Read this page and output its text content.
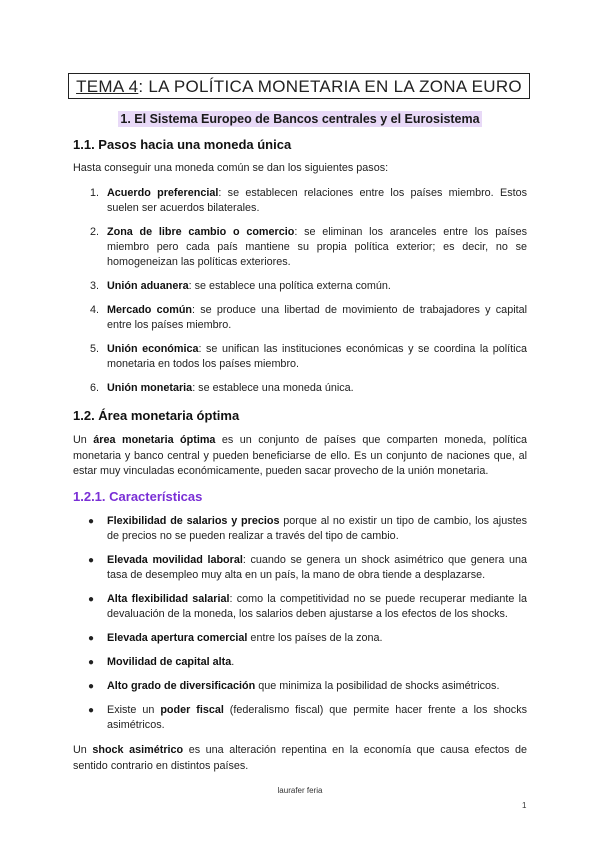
TEMA 4: LA POLÍTICA MONETARIA EN LA ZONA EURO
1. El Sistema Europeo de Bancos centrales y el Eurosistema
1.1. Pasos hacia una moneda única
Hasta conseguir una moneda común se dan los siguientes pasos:
1. Acuerdo preferencial: se establecen relaciones entre los países miembro. Estos suelen ser acuerdos bilaterales.
2. Zona de libre cambio o comercio: se eliminan los aranceles entre los países miembro pero cada país mantiene su propia política exterior; es decir, no se homogeneizan las políticas exteriores.
3. Unión aduanera: se establece una política externa común.
4. Mercado común: se produce una libertad de movimiento de trabajadores y capital entre los países miembro.
5. Unión económica: se unifican las instituciones económicas y se coordina la política monetaria en todos los países miembro.
6. Unión monetaria: se establece una moneda única.
1.2. Área monetaria óptima
Un área monetaria óptima es un conjunto de países que comparten moneda, política monetaria y banco central y pueden beneficiarse de ello. Es un conjunto de naciones que, al estar muy vinculadas económicamente, pueden sacar provecho de la unión monetaria.
1.2.1. Características
● Flexibilidad de salarios y precios porque al no existir un tipo de cambio, los ajustes de precios no se pueden realizar a través del tipo de cambio.
● Elevada movilidad laboral: cuando se genera un shock asimétrico que genera una tasa de desempleo muy alta en un país, la mano de obra tiende a desplazarse.
● Alta flexibilidad salarial: como la competitividad no se puede recuperar mediante la devaluación de la moneda, los salarios deben ajustarse a los efectos de los shocks.
● Elevada apertura comercial entre los países de la zona.
● Movilidad de capital alta.
● Alto grado de diversificación que minimiza la posibilidad de shocks asimétricos.
● Existe un poder fiscal (federalismo fiscal) que permite hacer frente a los shocks asimétricos.
Un shock asimétrico es una alteración repentina en la economía que causa efectos de sentido contrario en distintos países.
laurafer feria
1
